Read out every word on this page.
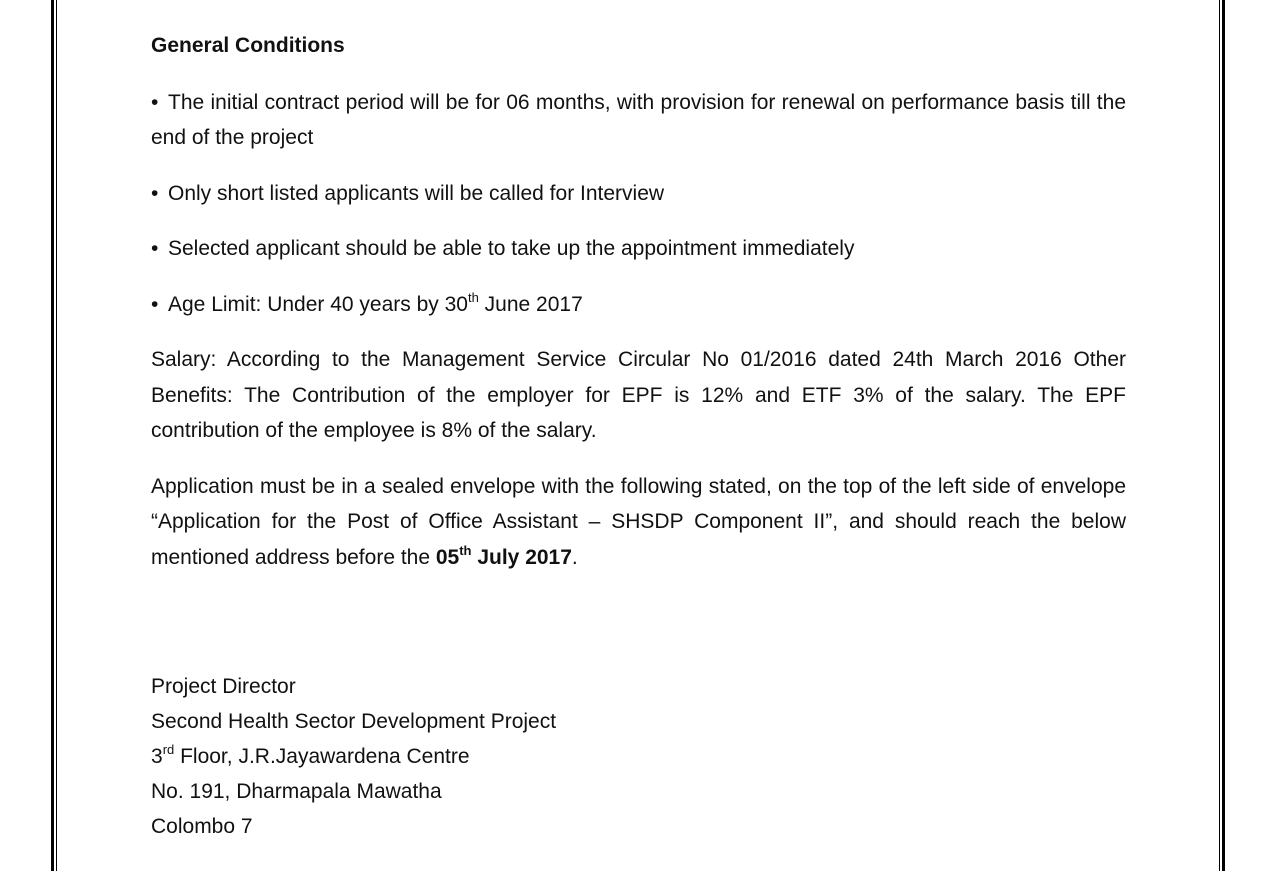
General Conditions
• The initial contract period will be for 06 months, with provision for renewal on performance basis till the end of the project
• Only short listed applicants will be called for Interview
• Selected applicant should be able to take up the appointment immediately
• Age Limit: Under 40 years by 30th June 2017
Salary: According to the Management Service Circular No 01/2016 dated 24th March 2016 Other Benefits: The Contribution of the employer for EPF is 12% and ETF 3% of the salary. The EPF contribution of the employee is 8% of the salary.
Application must be in a sealed envelope with the following stated, on the top of the left side of envelope “Application for the Post of Office Assistant – SHSDP Component II”, and should reach the below mentioned address before the 05th July 2017.
Project Director
Second Health Sector Development Project
3rd Floor, J.R.Jayawardena Centre
No. 191, Dharmapala Mawatha
Colombo 7
